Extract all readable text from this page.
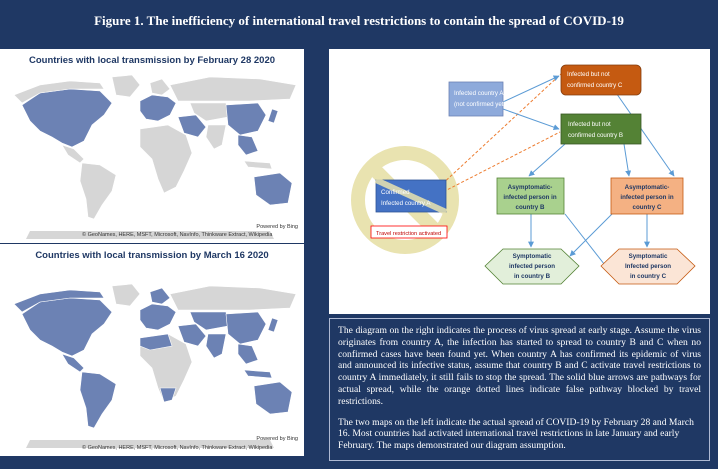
Figure 1. The inefficiency of international travel restrictions to contain the spread of COVID-19
Countries with local transmission by February 28 2020
Powered by Bing
© GeoNames, HERE, MSFT, Microsoft, NavInfo, Thinkware Extract, Wikipedia
Countries with local transmission by March 16 2020
Powered by Bing
© GeoNames, HERE, MSFT, Microsoft, NavInfo, Thinkware Extract, Wikipedia
Infected country A
(not confirmed yet)
Infected but not
confirmed country C
Infected but not
confirmed country B
Confirmed
Infected country A
Travel restriction activated
Asymptomatic-
infected person in
country B
Asymptomatic-
infected person in
country C
Symptomatic
infected person
in country B
Symptomatic
Infected person
in country C

The diagram on the right indicates the process of virus spread at early stage. Assume the virus originates from country A, the infection has started to spread to country B and C when no confirmed cases have been found yet. When country A has confirmed its epidemic of virus and announced its infective status, assume that country B and C activate travel restrictions to country A immediately, it still fails to stop the spread. The solid blue arrows are pathways for actual spread, while the orange dotted lines indicate false pathway blocked by travel restrictions.

The two maps on the left indicate the actual spread of COVID-19 by February 28 and March 16. Most countries had activated international travel restrictions in late January and early February. The maps demonstrated our diagram assumption.
